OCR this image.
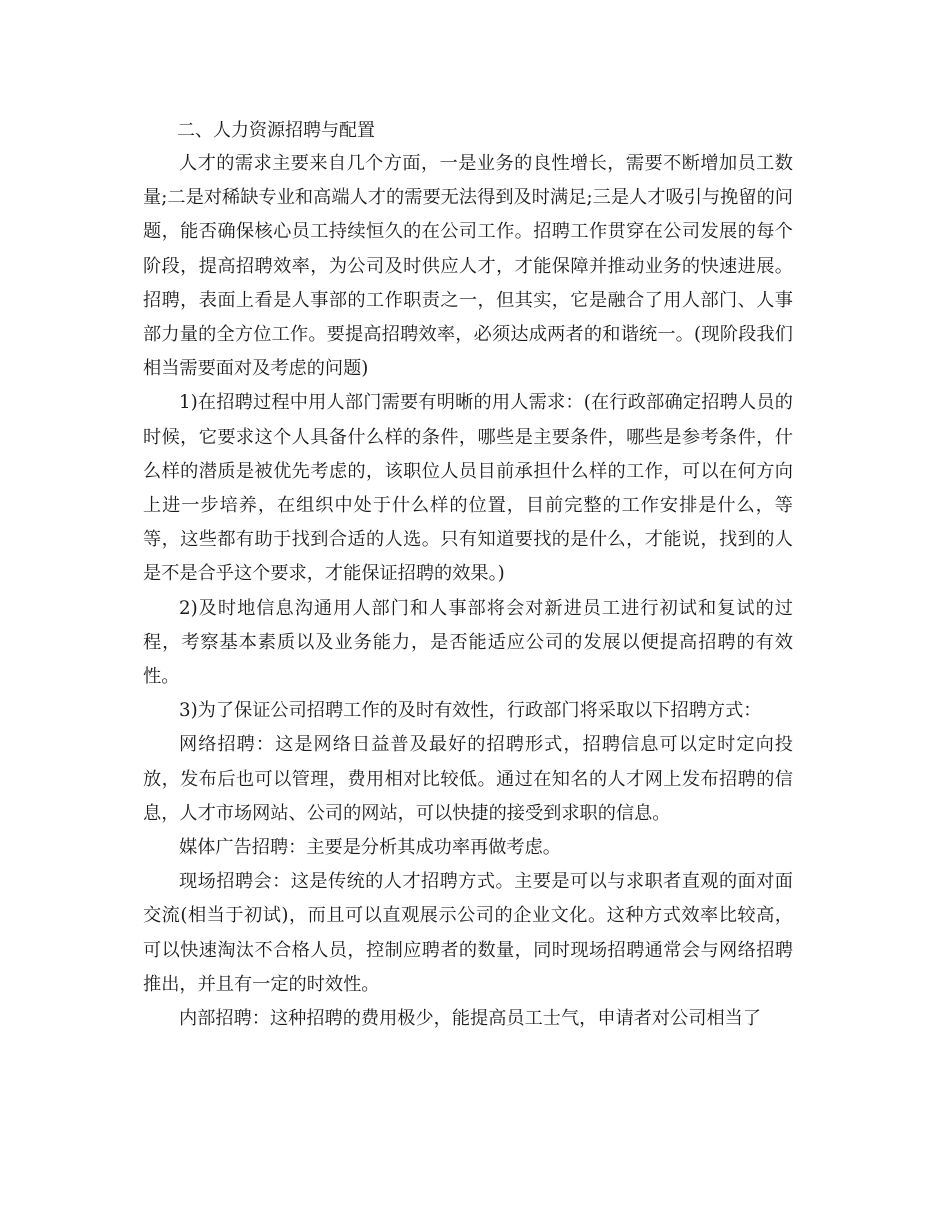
二、人力资源招聘与配置

人才的需求主要来自几个方面，一是业务的良性增长，需要不断增加员工数量;二是对稀缺专业和高端人才的需要无法得到及时满足;三是人才吸引与挽留的问题，能否确保核心员工持续恒久的在公司工作。招聘工作贯穿在公司发展的每个阶段，提高招聘效率，为公司及时供应人才，才能保障并推动业务的快速进展。招聘，表面上看是人事部的工作职责之一，但其实，它是融合了用人部门、人事部力量的全方位工作。要提高招聘效率，必须达成两者的和谐统一。(现阶段我们相当需要面对及考虑的问题)

1)在招聘过程中用人部门需要有明晰的用人需求：(在行政部确定招聘人员的时候，它要求这个人具备什么样的条件，哪些是主要条件，哪些是参考条件，什么样的潜质是被优先考虑的，该职位人员目前承担什么样的工作，可以在何方向上进一步培养，在组织中处于什么样的位置，目前完整的工作安排是什么，等等，这些都有助于找到合适的人选。只有知道要找的是什么，才能说，找到的人是不是合乎这个要求，才能保证招聘的效果。)

2)及时地信息沟通用人部门和人事部将会对新进员工进行初试和复试的过程，考察基本素质以及业务能力，是否能适应公司的发展以便提高招聘的有效性。

3)为了保证公司招聘工作的及时有效性，行政部门将采取以下招聘方式：

网络招聘：这是网络日益普及最好的招聘形式，招聘信息可以定时定向投放，发布后也可以管理，费用相对比较低。通过在知名的人才网上发布招聘的信息，人才市场网站、公司的网站，可以快捷的接受到求职的信息。

媒体广告招聘：主要是分析其成功率再做考虑。

现场招聘会：这是传统的人才招聘方式。主要是可以与求职者直观的面对面交流(相当于初试)，而且可以直观展示公司的企业文化。这种方式效率比较高，可以快速淘汰不合格人员，控制应聘者的数量，同时现场招聘通常会与网络招聘推出，并且有一定的时效性。

内部招聘：这种招聘的费用极少，能提高员工士气，申请者对公司相当了
